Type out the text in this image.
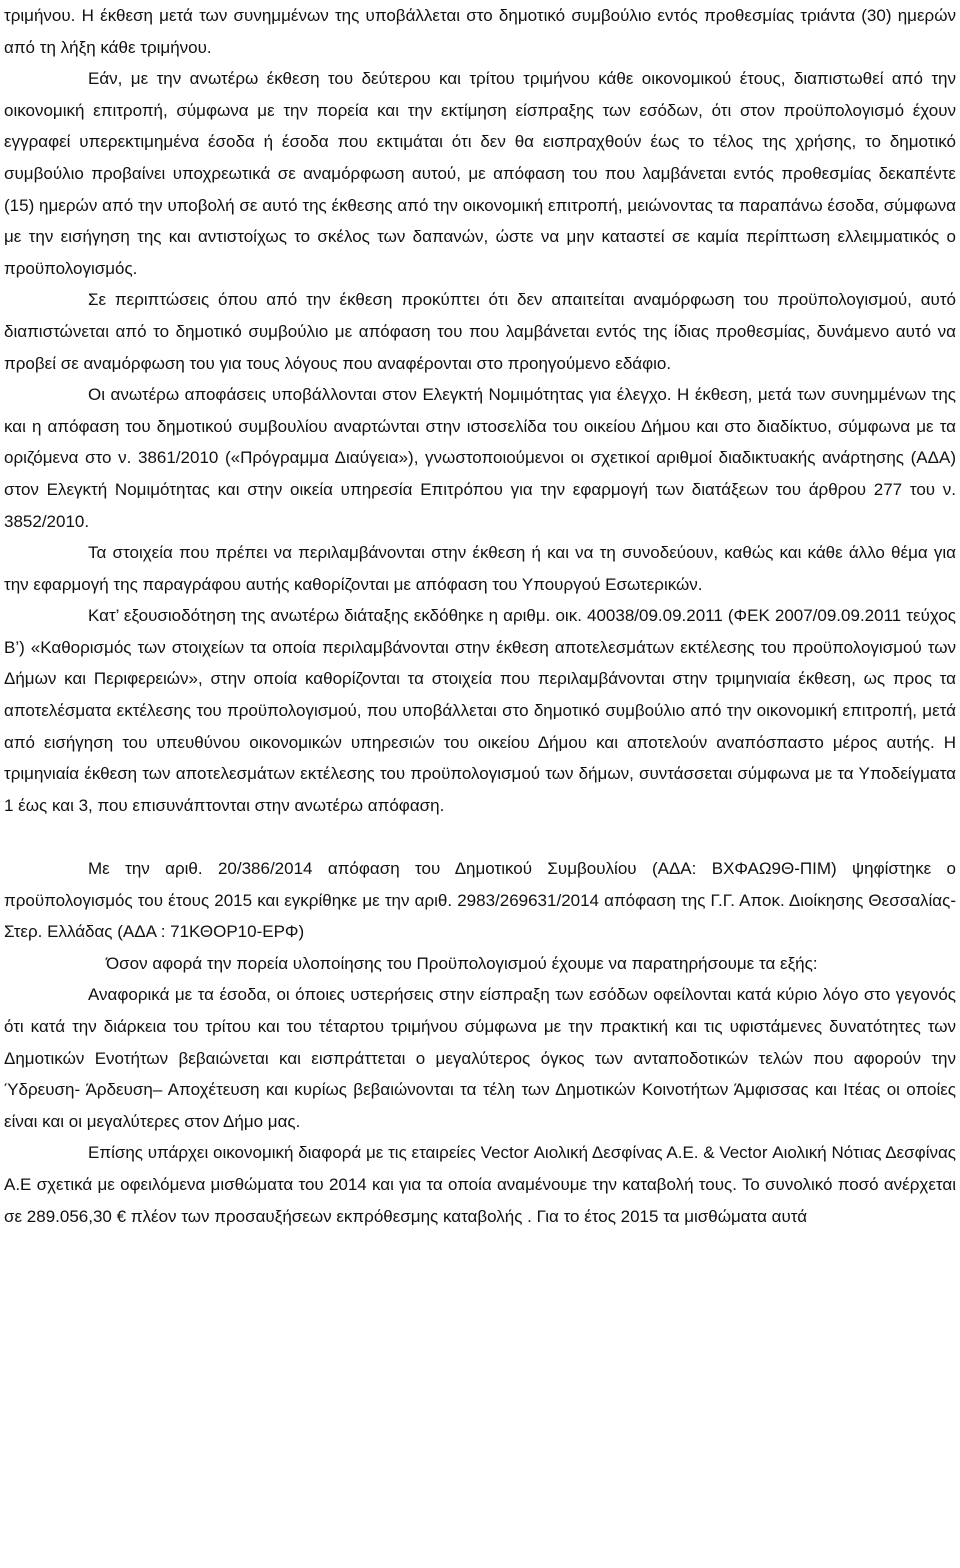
τριμήνου. Η έκθεση μετά των συνημμένων της υποβάλλεται στο δημοτικό συμβούλιο εντός προθεσμίας τριάντα (30) ημερών από τη λήξη κάθε τριμήνου.

Εάν, με την ανωτέρω έκθεση του δεύτερου και τρίτου τριμήνου κάθε οικονομικού έτους, διαπιστωθεί από την οικονομική επιτροπή, σύμφωνα με την πορεία και την εκτίμηση είσπραξης των εσόδων, ότι στον προϋπολογισμό έχουν εγγραφεί υπερεκτιμημένα έσοδα ή έσοδα που εκτιμάται ότι δεν θα εισπραχθούν έως το τέλος της χρήσης, το δημοτικό συμβούλιο προβαίνει υποχρεωτικά σε αναμόρφωση αυτού, με απόφαση του που λαμβάνεται εντός προθεσμίας δεκαπέντε (15) ημερών από την υποβολή σε αυτό της έκθεσης από την οικονομική επιτροπή, μειώνοντας τα παραπάνω έσοδα, σύμφωνα με την εισήγηση της και αντιστοίχως το σκέλος των δαπανών, ώστε να μην καταστεί σε καμία περίπτωση ελλειμματικός ο προϋπολογισμός.

Σε περιπτώσεις όπου από την έκθεση προκύπτει ότι δεν απαιτείται αναμόρφωση του προϋπολογισμού, αυτό διαπιστώνεται από το δημοτικό συμβούλιο με απόφαση του που λαμβάνεται εντός της ίδιας προθεσμίας, δυνάμενο αυτό να προβεί σε αναμόρφωση του για τους λόγους που αναφέρονται στο προηγούμενο εδάφιο.

Οι ανωτέρω αποφάσεις υποβάλλονται στον Ελεγκτή Νομιμότητας για έλεγχο. Η έκθεση, μετά των συνημμένων της και η απόφαση του δημοτικού συμβουλίου αναρτώνται στην ιστοσελίδα του οικείου Δήμου και στο διαδίκτυο, σύμφωνα με τα οριζόμενα στο ν. 3861/2010 («Πρόγραμμα Διαύγεια»), γνωστοποιούμενοι οι σχετικοί αριθμοί διαδικτυακής ανάρτησης (ΑΔΑ) στον Ελεγκτή Νομιμότητας και στην οικεία υπηρεσία Επιτρόπου για την εφαρμογή των διατάξεων του άρθρου 277 του ν. 3852/2010.

Τα στοιχεία που πρέπει να περιλαμβάνονται στην έκθεση ή και να τη συνοδεύουν, καθώς και κάθε άλλο θέμα για την εφαρμογή της παραγράφου αυτής καθορίζονται με απόφαση του Υπουργού Εσωτερικών.

Κατ’ εξουσιοδότηση της ανωτέρω διάταξης εκδόθηκε η αριθμ. οικ. 40038/09.09.2011 (ΦΕΚ 2007/09.09.2011 τεύχος Β’) «Καθορισμός των στοιχείων τα οποία περιλαμβάνονται στην έκθεση αποτελεσμάτων εκτέλεσης του προϋπολογισμού των Δήμων και Περιφερειών», στην οποία καθορίζονται τα στοιχεία που περιλαμβάνονται στην τριμηνιαία έκθεση, ως προς τα αποτελέσματα εκτέλεσης του προϋπολογισμού, που υποβάλλεται στο δημοτικό συμβούλιο από την οικονομική επιτροπή, μετά από εισήγηση του υπευθύνου οικονομικών υπηρεσιών του οικείου Δήμου και αποτελούν αναπόσπαστο μέρος αυτής. Η τριμηνιαία έκθεση των αποτελεσμάτων εκτέλεσης του προϋπολογισμού των δήμων, συντάσσεται σύμφωνα με τα Υποδείγματα 1 έως και 3, που επισυνάπτονται στην ανωτέρω απόφαση.

Με την αριθ. 20/386/2014 απόφαση του Δημοτικού Συμβουλίου (ΑΔΑ: ΒΧΦΑΩ9Θ-ΠΙΜ) ψηφίστηκε ο προϋπολογισμός του έτους 2015 και εγκρίθηκε με την αριθ. 2983/269631/2014 απόφαση της Γ.Γ. Αποκ. Διοίκησης Θεσσαλίας-Στερ. Ελλάδας (ΑΔΑ : 71ΚΘΟΡ10-ΕΡΦ)

Όσον αφορά την πορεία υλοποίησης του Προϋπολογισμού έχουμε να παρατηρήσουμε τα εξής:

Αναφορικά με τα έσοδα, οι όποιες υστερήσεις στην είσπραξη των εσόδων οφείλονται κατά κύριο λόγο στο γεγονός ότι κατά την διάρκεια του τρίτου και του τέταρτου τριμήνου σύμφωνα με την πρακτική και τις υφιστάμενες δυνατότητες των Δημοτικών Ενοτήτων βεβαιώνεται και εισπράττεται ο μεγαλύτερος όγκος των ανταποδοτικών τελών που αφορούν την Ύδρευση- Άρδευση– Αποχέτευση και κυρίως βεβαιώνονται τα τέλη των Δημοτικών Κοινοτήτων Άμφισσας και Ιτέας οι οποίες είναι και οι μεγαλύτερες στον Δήμο μας.

Επίσης υπάρχει οικονομική διαφορά με τις εταιρείες Vector Αιολική Δεσφίνας Α.Ε. & Vector Αιολική Νότιας Δεσφίνας Α.Ε σχετικά με οφειλόμενα μισθώματα του 2014 και για τα οποία αναμένουμε την καταβολή τους. Το συνολικό ποσό ανέρχεται σε 289.056,30 € πλέον των προσαυξήσεων εκπρόθεσμης καταβολής . Για το έτος 2015 τα μισθώματα αυτά
